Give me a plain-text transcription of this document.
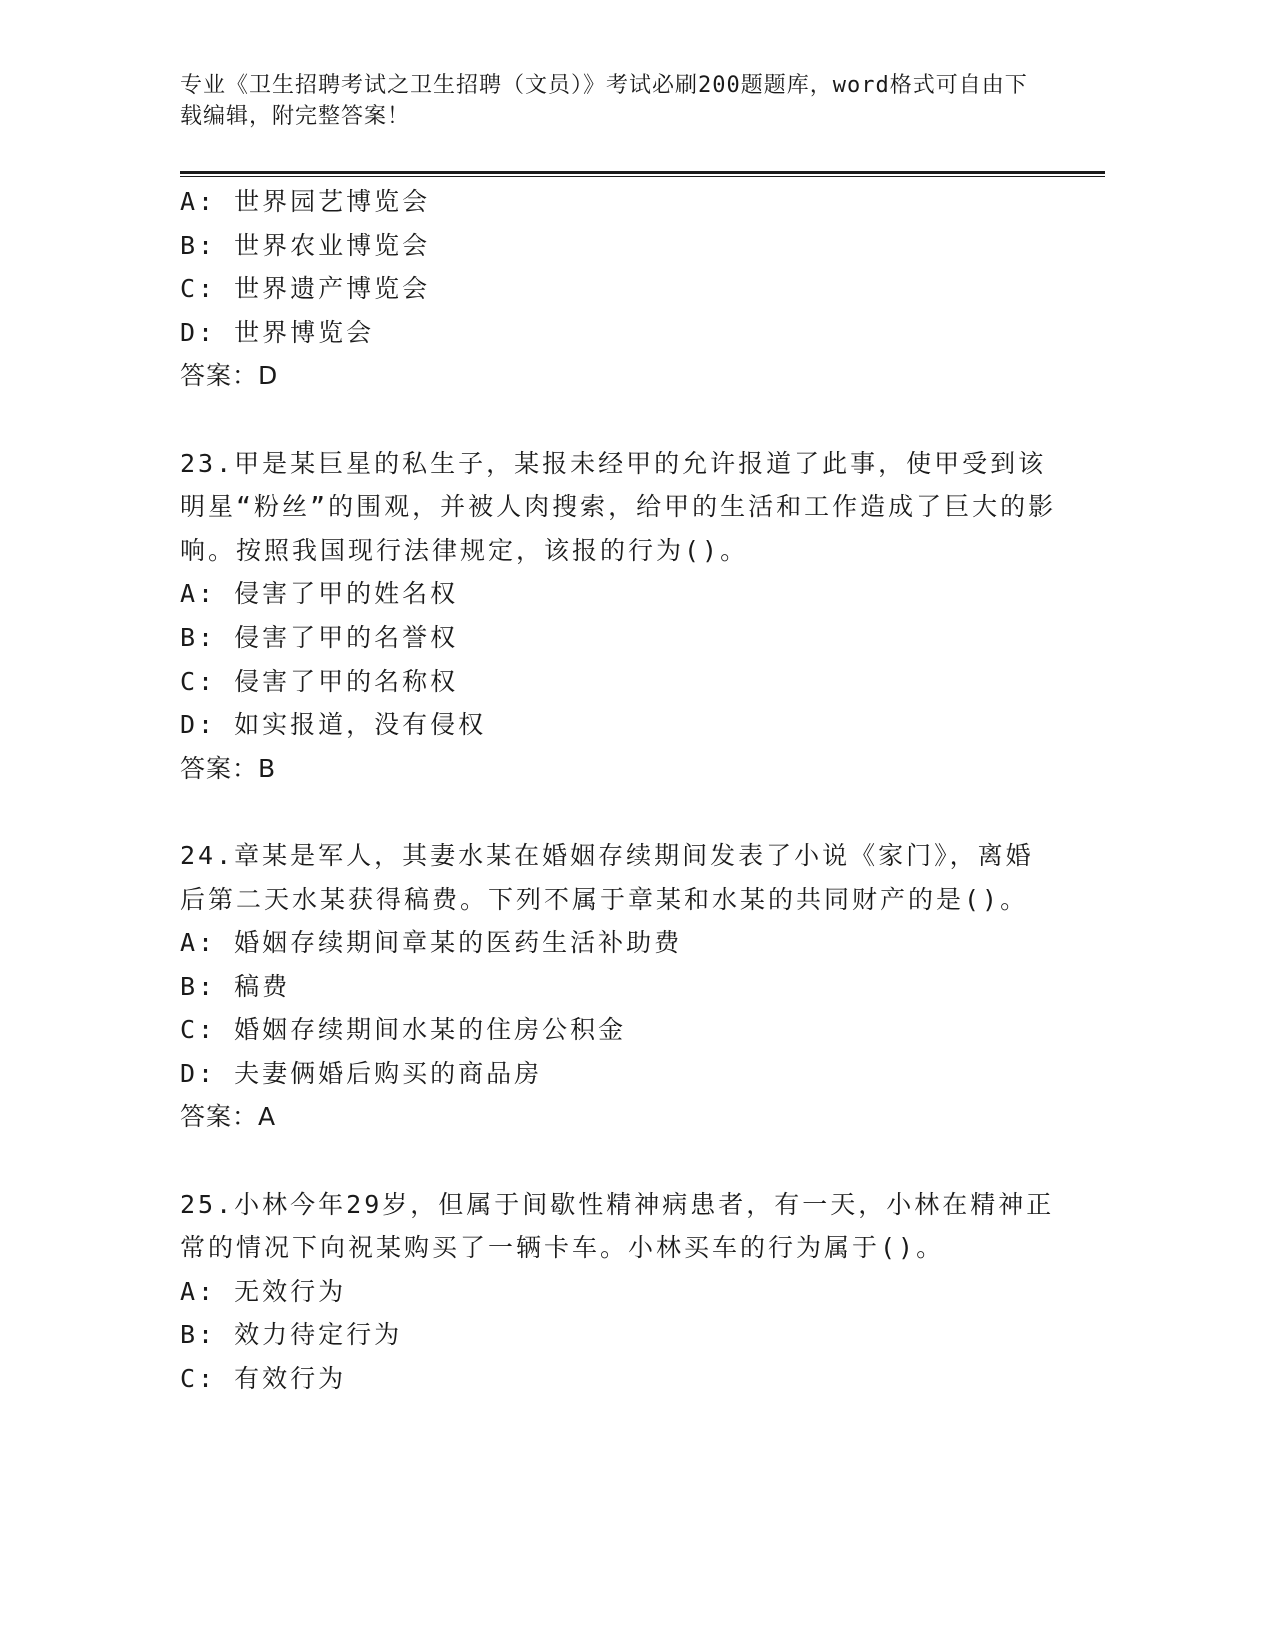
专业《卫生招聘考试之卫生招聘（文员）》考试必刷200题题库，word格式可自由下载编辑，附完整答案！
A: 世界园艺博览会
B: 世界农业博览会
C: 世界遗产博览会
D: 世界博览会
答案：D
23.甲是某巨星的私生子，某报未经甲的允许报道了此事，使甲受到该明星“粉丝”的围观，并被人肉搜索，给甲的生活和工作造成了巨大的影响。按照我国现行法律规定，该报的行为()。
A: 侵害了甲的姓名权
B: 侵害了甲的名誉权
C: 侵害了甲的名称权
D: 如实报道，没有侵权
答案：B
24.章某是军人，其妻水某在婚姻存续期间发表了小说《家门》，离婚后第二天水某获得稿费。下列不属于章某和水某的共同财产的是()。
A: 婚姻存续期间章某的医药生活补助费
B: 稿费
C: 婚姻存续期间水某的住房公积金
D: 夫妻俩婚后购买的商品房
答案：A
25.小林今年29岁，但属于间歇性精神病患者，有一天，小林在精神正常的情况下向祝某购买了一辆卡车。小林买车的行为属于()。
A: 无效行为
B: 效力待定行为
C: 有效行为
